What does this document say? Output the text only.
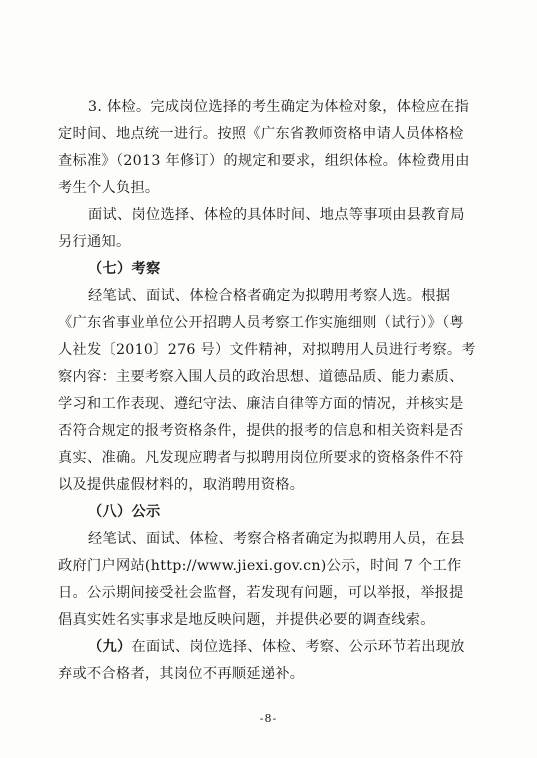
3. 体检。完成岗位选择的考生确定为体检对象，体检应在指定时间、地点统一进行。按照《广东省教师资格申请人员体格检查标准》（2013 年修订）的规定和要求，组织体检。体检费用由考生个人负担。

面试、岗位选择、体检的具体时间、地点等事项由县教育局另行通知。

（七）考察

经笔试、面试、体检合格者确定为拟聘用考察人选。根据《广东省事业单位公开招聘人员考察工作实施细则（试行）》（粤人社发〔2010〕276 号）文件精神，对拟聘用人员进行考察。考察内容：主要考察入围人员的政治思想、道德品质、能力素质、学习和工作表现、遵纪守法、廉洁自律等方面的情况，并核实是否符合规定的报考资格条件，提供的报考的信息和相关资料是否真实、准确。凡发现应聘者与拟聘用岗位所要求的资格条件不符以及提供虚假材料的，取消聘用资格。

（八）公示

经笔试、面试、体检、考察合格者确定为拟聘用人员，在县政府门户网站(http://www.jiexi.gov.cn)公示，时间 7 个工作日。公示期间接受社会监督，若发现有问题，可以举报，举报提倡真实姓名实事求是地反映问题，并提供必要的调查线索。

（九）在面试、岗位选择、体检、考察、公示环节若出现放弃或不合格者，其岗位不再顺延递补。

-8-
